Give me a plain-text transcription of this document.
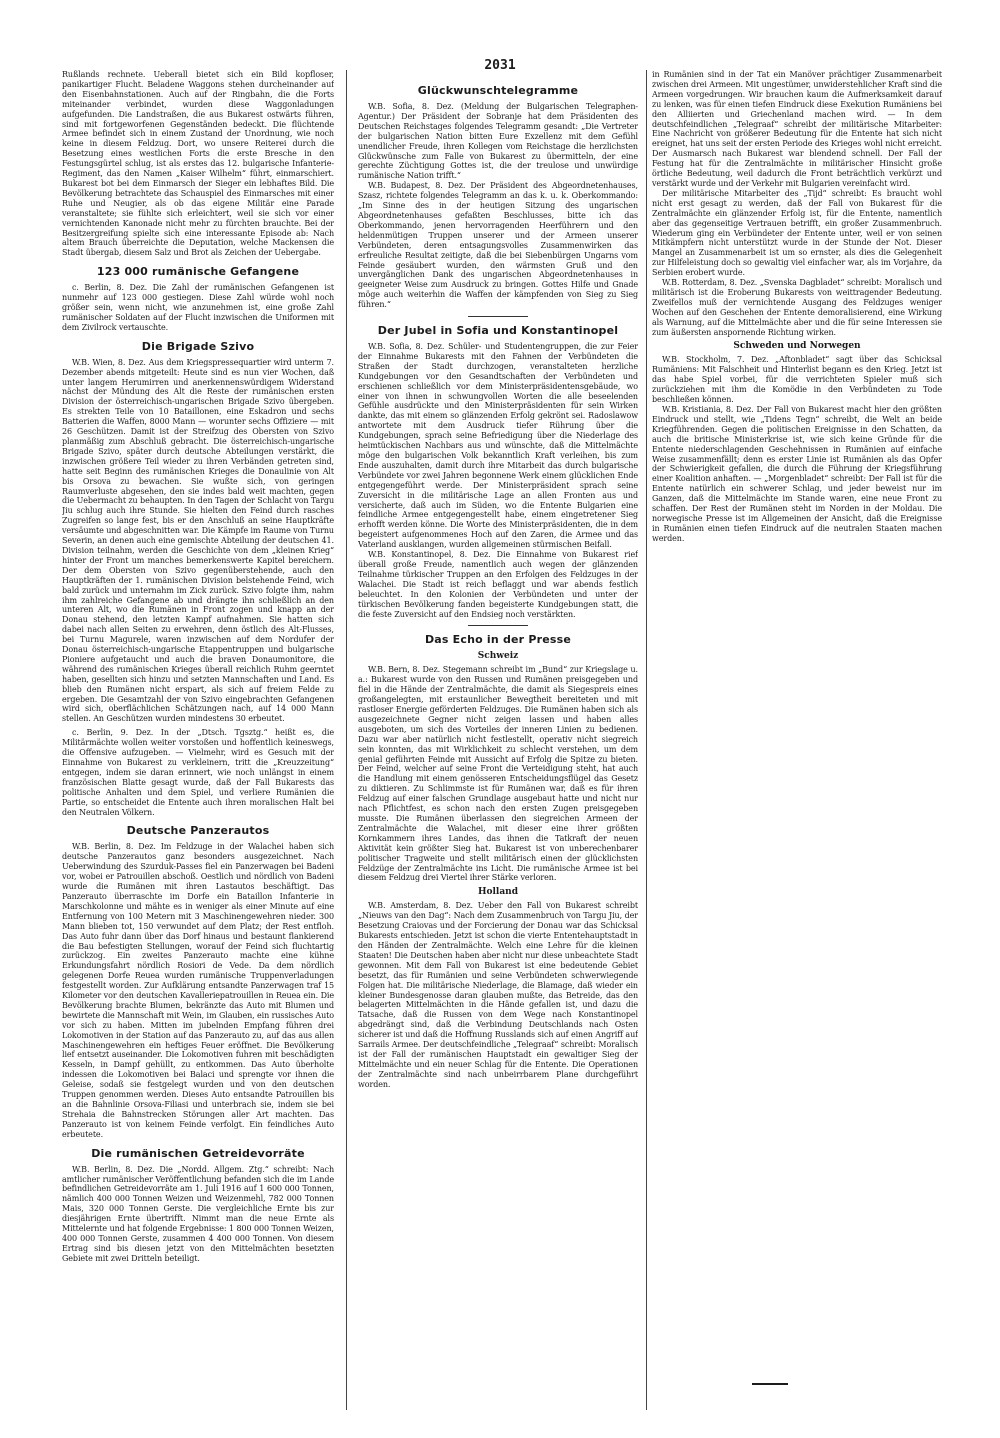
2031

Rußlands rechnete. Ueberall bietet sich ein Bild kopfloser, panikartiger Flucht. Beladene Waggons stehen durcheinander auf den Eisenbahnstationen. Auch auf der Ringbahn, die die Forts miteinander verbindet, wurden diese Waggonladungen aufgefunden. Die Landstraßen, die aus Bukarest ostwärts führen, sind mit fortgeworfenen Gegenständen bedeckt. Die flüchtende Armee befindet sich in einem Zustand der Unordnung, wie noch keine in diesem Feldzug. Dort, wo unsere Reiterei durch die Besetzung eines westlichen Forts die erste Bresche in den Festungsgürtel schlug, ist als erstes das 12. bulgarische Infanterie-Regiment, das den Namen „Kaiser Wilhelm“ führt, einmarschiert. Bukarest bot bei dem Einmarsch der Sieger ein lebhaftes Bild. Die Bevölkerung betrachtete das Schauspiel des Einmarsches mit einer Ruhe und Neugier, als ob das eigene Militär eine Parade veranstaltete; sie fühlte sich erleichtert, weil sie sich vor einer vernichtenden Kanonade nicht mehr zu fürchten brauchte. Bei der Besitzergreifung spielte sich eine interessante Episode ab: Nach altem Brauch überreichte die Deputation, welche Mackensen die Stadt übergab, diesem Salz und Brot als Zeichen der Uebergabe.

123 000 rumänische Gefangene

c. Berlin, 8. Dez. Die Zahl der rumänischen Gefangenen ist nunmehr auf 123 000 gestiegen. Diese Zahl würde wohl noch größer sein, wenn nicht, wie anzunehmen ist, eine große Zahl rumänischer Soldaten auf der Flucht inzwischen die Uniformen mit dem Zivilrock vertauschte.

Die Brigade Szivo

W.B. Wien, 8. Dez. Aus dem Kriegspressequartier wird unterm 7. Dezember abends mitgeteilt: Heute sind es nun vier Wochen, daß unter langem Herumirren und anerkennenswürdigem Widerstand nächst der Mündung des Alt die Reste der rumänischen ersten Division der österreichisch-ungarischen Brigade Szivo übergeben. Es strekten Teile von 10 Bataillonen, eine Eskadron und sechs Batterien die Waffen, 8000 Mann — worunter sechs Offiziere — mit 26 Geschützen. Damit ist der Streifzug des Obersten von Szivo planmäßig zum Abschluß gebracht. Die österreichisch-ungarische Brigade Szivo, später durch deutsche Abteilungen verstärkt, die inzwischen größere Teil wieder zu ihren Verbänden getreten sind, hatte seit Beginn des rumänischen Krieges die Donaulinie von Alt bis Orsova zu bewachen. Sie wußte sich, von geringen Raumverluste abgesehen, den sie indes bald weit machten, gegen die Uebermacht zu behaupten. In den Tagen der Schlacht von Targu Jiu schlug auch ihre Stunde. Sie hielten den Feind durch rasches Zugreifen so lange fest, bis er den Anschluß an seine Hauptkräfte versäumte und abgeschnitten war. Die Kämpfe im Raume von Turnu Severin, an denen auch eine gemischte Abteilung der deutschen 41. Division teilnahm, werden die Geschichte von dem „kleinen Krieg“ hinter der Front um manches bemerkenswerte Kapitel bereichern. Der dem Obersten von Szivo gegenüberstehende, auch den Hauptkräften der 1. rumänischen Division belstehende Feind, wich bald zurück und unternahm im Zick zurück. Szivo folgte ihm, nahm ihm zahlreiche Gefangene ab und drängte ihn schließlich an den unteren Alt, wo die Rumänen in Front zogen und knapp an der Donau stehend, den letzten Kampf aufnahmen. Sie hatten sich dabei nach allen Seiten zu erwehren, denn östlich des Alt-Flusses, bei Turnu Magurele, waren inzwischen auf dem Nordufer der Donau österreichisch-ungarische Etappentruppen und bulgarische Pioniere aufgetaucht und auch die braven Donaumonitore, die während des rumänischen Krieges überall reichlich Ruhm geerntet haben, gesellten sich hinzu und setzten Mannschaften und Land. Es blieb den Rumänen nicht erspart, als sich auf freiem Felde zu ergeben. Die Gesamtzahl der von Szivo eingebrachten Gefangenen wird sich, oberflächlichen Schätzungen nach, auf 14 000 Mann stellen. An Geschützen wurden mindestens 30 erbeutet.

c. Berlin, 9. Dez. In der „Dtsch. Tgsztg.“ heißt es, die Militärmächte wollen weiter vorstoßen und hoffentlich keineswegs, die Offensive aufzugeben. — Vielmehr, wird es Gesuch mit der Einnahme von Bukarest zu verkleinern, tritt die „Kreuzzeitung“ entgegen, indem sie daran erinnert, wie noch unlängst in einem französischen Blatte gesagt wurde, daß der Fall Bukarests das politische Anhalten und dem Spiel, und verliere Rumänien die Partie, so entscheidet die Entente auch ihren moralischen Halt bei den Neutralen Völkern.

Deutsche Panzerautos

W.B. Berlin, 8. Dez. Im Feldzuge in der Walachei haben sich deutsche Panzerautos ganz besonders ausgezeichnet. Nach Ueberwindung des Szurduk-Passes fiel ein Panzerwagen bei Badeni vor, wobei er Patrouillen abschoß. Oestlich und nördlich von Badeni wurde die Rumänen mit ihren Lastautos beschäftigt. Das Panzerauto überraschte im Dorfe ein Bataillon Infanterie in Marschkolonne und mähte es in weniger als einer Minute auf eine Entfernung von 100 Metern mit 3 Maschinengewehren nieder. 300 Mann blieben tot, 150 verwundet auf dem Platz; der Rest entfloh. Das Auto fuhr dann über das Dorf hinaus und bestaunt flankierend die Bau befestigten Stellungen, worauf der Feind sich fluchtartig zurückzog. Ein zweites Panzerauto machte eine kühne Erkundungsfahrt nördlich Rosiori de Vede. Da dem nördlich gelegenen Dorfe Reuea wurden rumänische Truppenverladungen festgestellt worden. Zur Aufklärung entsandte Panzerwagen traf 15 Kilometer vor den deutschen Kavalleriepatrouillen in Reuea ein. Die Bevölkerung brachte Blumen, bekränzte das Auto mit Blumen und bewirtete die Mannschaft mit Wein, im Glauben, ein russisches Auto vor sich zu haben. Mitten im jubelnden Empfang führen drei Lokomotiven in der Station auf das Panzerauto zu, auf das aus allen Maschinengewehren ein heftiges Feuer eröffnet. Die Bevölkerung lief entsetzt auseinander. Die Lokomotiven fuhren mit beschädigten Kesseln, in Dampf gehüllt, zu entkommen. Das Auto überholte indessen die Lokomotiven bei Balaci und sprengte vor ihnen die Geleise, sodaß sie festgelegt wurden und von den deutschen Truppen genommen werden. Dieses Auto entsandte Patrouillen bis an die Bahnlinie Orsova-Filiasi und unterbrach sie, indem sie bei Strehaia die Bahnstrecken Störungen aller Art machten. Das Panzerauto ist von keinem Feinde verfolgt. Ein feindliches Auto erbeutete.

Die rumänischen Getreidevorräte

W.B. Berlin, 8. Dez. Die „Nordd. Allgem. Ztg.“ schreibt: Nach amtlicher rumänischer Veröffentlichung befanden sich die im Lande befindlichen Getreidevorräte am 1. Juli 1916 auf 1 600 000 Tonnen, nämlich 400 000 Tonnen Weizen und Weizenmehl, 782 000 Tonnen Mais, 320 000 Tonnen Gerste. Die vergleichliche Ernte bis zur diesjährigen Ernte übertrifft. Nimmt man die neue Ernte als Mittelernte und hat folgende Ergebnisse: 1 800 000 Tonnen Weizen, 400 000 Tonnen Gerste, zusammen 4 400 000 Tonnen. Von diesem Ertrag sind bis diesen jetzt von den Mittelmächten besetzten Gebiete mit zwei Dritteln beteiligt.

Glückwunschtelegramme

W.B. Sofia, 8. Dez. (Meldung der Bulgarischen Telegraphen-Agentur.) Der Präsident der Sobranje hat dem Präsidenten des Deutschen Reichstages folgendes Telegramm gesandt: „Die Vertreter der bulgarischen Nation bitten Eure Exzellenz mit dem Gefühl unendlicher Freude, ihren Kollegen vom Reichstage die herzlichsten Glückwünsche zum Falle von Bukarest zu übermitteln, der eine gerechte Züchtigung Gottes ist, die der treulose und unwürdige rumänische Nation trifft.“

W.B. Budapest, 8. Dez. Der Präsident des Abgeordnetenhauses, Szasz, richtete folgendes Telegramm an das k. u. k. Oberkommando: „Im Sinne des in der heutigen Sitzung des ungarischen Abgeordnetenhauses gefaßten Beschlusses, bitte ich das Oberkommando, jenen hervorragenden Heerführern und den heldenmütigen Truppen unserer und der Armeen unserer Verbündeten, deren entsagungsvolles Zusammenwirken das erfreuliche Resultat zeitigte, daß die bei Siebenbürgen Ungarns vom Feinde gesäubert wurden, den wärmsten Gruß und den unvergänglichen Dank des ungarischen Abgeordnetenhauses in geeigneter Weise zum Ausdruck zu bringen. Gottes Hilfe und Gnade möge auch weiterhin die Waffen der kämpfenden von Sieg zu Sieg führen.“

Der Jubel in Sofia und Konstantinopel

W.B. Sofia, 8. Dez. Schüler- und Studentengruppen, die zur Feier der Einnahme Bukarests mit den Fahnen der Verbündeten die Straßen der Stadt durchzogen, veranstalteten herzliche Kundgebungen vor den Gesandtschaften der Verbündeten und erschienen schließlich vor dem Ministerpräsidentensgebäude, wo einer von ihnen in schwungvollen Worten die alle beseelenden Gefühle ausdrückte und den Ministerpräsidenten für sein Wirken dankte, das mit einem so glänzenden Erfolg gekrönt sei. Radoslawow antwortete mit dem Ausdruck tiefer Rührung über die Kundgebungen, sprach seine Befriedigung über die Niederlage des heimtückischen Nachbars aus und wünschte, daß die Mittelmächte möge den bulgarischen Volk bekanntlich Kraft verleihen, bis zum Ende auszuhalten, damit durch ihre Mitarbeit das durch bulgarische Verbündete vor zwei Jahren begonnene Werk einem glücklichen Ende entgegengeführt werde. Der Ministerpräsident sprach seine Zuversicht in die militärische Lage an allen Fronten aus und versicherte, daß auch im Süden, wo die Entente Bulgarien eine feindliche Armee entgegengestellt habe, einem eingetretener Sieg erhofft werden könne. Die Worte des Ministerpräsidenten, die in dem begeistert aufgenommenes Hoch auf den Zaren, die Armee und das Vaterland ausklangen, wurden allgemeinen stürmischen Beifall.

W.B. Konstantinopel, 8. Dez. Die Einnahme von Bukarest rief überall große Freude, namentlich auch wegen der glänzenden Teilnahme türkischer Truppen an den Erfolgen des Feldzuges in der Walachei. Die Stadt ist reich beflaggt und war abends festlich beleuchtet. In den Kolonien der Verbündeten und unter der türkischen Bevölkerung fanden begeisterte Kundgebungen statt, die die feste Zuversicht auf den Endsieg noch verstärkten.

Das Echo in der Presse
Schweiz

W.B. Bern, 8. Dez. Stegemann schreibt im „Bund“ zur Kriegslage u. a.: Bukarest wurde von den Russen und Rumänen preisgegeben und fiel in die Hände der Zentralmächte, die damit als Siegespreis eines großangelegten, mit erstaunlicher Bewegtheit bereiteten und mit rastloser Energie geförderten Feldzuges. Die Rumänen haben sich als ausgezeichnete Gegner nicht zeigen lassen und haben alles ausgeboten, um sich des Vorteiles der inneren Linien zu bedienen. Dazu war aber natürlich nicht festlestellt, operativ nicht siegreich sein konnten, das mit Wirklichkeit zu schlecht verstehen, um dem genial geführten Feinde mit Aussicht auf Erfolg die Spitze zu bieten. Der Feind, welcher auf seine Front die Verteidigung steht, hat auch die Handlung mit einem genösseren Entscheidungsflügel das Gesetz zu diktieren. Zu Schlimmste ist für Rumänen war, daß es für ihren Feldzug auf einer falschen Grundlage ausgebaut hatte und nicht nur nach Pflichtfest, es schon nach den ersten Zugen preisgegeben musste. Die Rumänen überlassen den siegreichen Armeen der Zentralmächte die Walachei, mit dieser eine ihrer größten Kornkammern ihres Landes, das ihnen die Tatkraft der neuen Aktivität kein größter Sieg hat. Bukarest ist von unberechenbarer politischer Tragweite und stellt militärisch einen der glücklichsten Feldzüge der Zentralmächte ins Licht. Die rumänische Armee ist bei diesem Feldzug drei Viertel ihrer Stärke verloren.

Holland

W.B. Amsterdam, 8. Dez. Ueber den Fall von Bukarest schreibt „Nieuws van den Dag“: Nach dem Zusammenbruch von Targu Jiu, der Besetzung Craiovas und der Forcierung der Donau war das Schicksal Bukarests entschieden. Jetzt ist schon die vierte Ententehauptstadt in den Händen der Zentralmächte. Welch eine Lehre für die kleinen Staaten! Die Deutschen haben aber nicht nur diese unbeachtete Stadt gewonnen. Mit dem Fall von Bukarest ist eine bedeutende Gebiet besetzt, das für Rumänien und seine Verbündeten schwerwiegende Folgen hat. Die militärische Niederlage, die Blamage, daß wieder ein kleiner Bundesgenosse daran glauben mußte, das Betreide, das den belagerten Mittelmächten in die Hände gefallen ist, und dazu die Tatsache, daß die Russen von dem Wege nach Konstantinopel abgedrängt sind, daß die Verbindung Deutschlands nach Osten sicherer ist und daß die Hoffnung Russlands sich auf einen Angriff auf Sarrails Armee. Der deutschfeindliche „Telegraaf“ schreibt: Moralisch ist der Fall der rumänischen Hauptstadt ein gewaltiger Sieg der Mittelmächte und ein neuer Schlag für die Entente. Die Operationen der Zentralmächte sind nach unbeirrbarem Plane durchgeführt worden.

in Rumänien sind in der Tat ein Manöver prächtiger Zusammenarbeit zwischen drei Armeen. Mit ungestümer, unwiderstehlicher Kraft sind die Armeen vorgedrungen. Wir brauchen kaum die Aufmerksamkeit darauf zu lenken, was für einen tiefen Eindruck diese Exekution Rumäniens bei den Alliierten und Griechenland machen wird. — In dem deutschfeindlichen „Telegraaf“ schreibt der militärische Mitarbeiter: Eine Nachricht von größerer Bedeutung für die Entente hat sich nicht ereignet, hat uns seit der ersten Periode des Krieges wohl nicht erreicht. Der Ausmarsch nach Bukarest war blendend schnell. Der Fall der Festung hat für die Zentralmächte in militärischer Hinsicht große örtliche Bedeutung, weil dadurch die Front beträchtlich verkürzt und verstärkt wurde und der Verkehr mit Bulgarien vereinfacht wird.

Der militärische Mitarbeiter des „Tijd“ schreibt: Es braucht wohl nicht erst gesagt zu werden, daß der Fall von Bukarest für die Zentralmächte ein glänzender Erfolg ist, für die Entente, namentlich aber das gegenseitige Vertrauen betrifft, ein großer Zusammenbruch. Wiederum ging ein Verbündeter der Entente unter, weil er von seinen Mitkämpfern nicht unterstützt wurde in der Stunde der Not. Dieser Mangel an Zusammenarbeit ist um so ernster, als dies die Gelegenheit zur Hilfeleistung doch so gewaltig viel einfacher war, als im Vorjahre, da Serbien erobert wurde.

W.B. Rotterdam, 8. Dez. „Svenska Dagbladet“ schreibt: Moralisch und militärisch ist die Eroberung Bukarests von weittragender Bedeutung. Zweifellos muß der vernichtende Ausgang des Feldzuges weniger Wochen auf den Geschehen der Entente demoralisierend, eine Wirkung als Warnung, auf die Mittelmächte aber und die für seine Interessen sie zum äußersten anspornende Richtung wirken.

Schweden und Norwegen

W.B. Stockholm, 7. Dez. „Aftonbladet“ sagt über das Schicksal Rumäniens: Mit Falschheit und Hinterlist begann es den Krieg. Jetzt ist das habe Spiel vorbei, für die verrichteten Spieler muß sich zurückziehen mit ihm die Komödie in den Verbündeten zu Tode beschließen können.

W.B. Kristiania, 8. Dez. Der Fall von Bukarest macht hier den größten Eindruck und stellt, wie „Tidens Tegn“ schreibt, die Welt an beide Kriegführenden. Gegen die politischen Ereignisse in den Schatten, da auch die britische Ministerkrise ist, wie sich keine Gründe für die Entente niederschlagenden Geschehnissen in Rumänien auf einfache Weise zusammenfällt; denn es erster Linie ist Rumänien als das Opfer der Schwierigkeit gefallen, die durch die Führung der Kriegsführung einer Koalition anhaften. — „Morgenbladet“ schreibt: Der Fall ist für die Entente natürlich ein schwerer Schlag, und jeder beweist nur im Ganzen, daß die Mittelmächte im Stande waren, eine neue Front zu schaffen. Der Rest der Rumänen steht im Norden in der Moldau. Die norwegische Presse ist im Allgemeinen der Ansicht, daß die Ereignisse in Rumänien einen tiefen Eindruck auf die neutralen Staaten machen werden.
